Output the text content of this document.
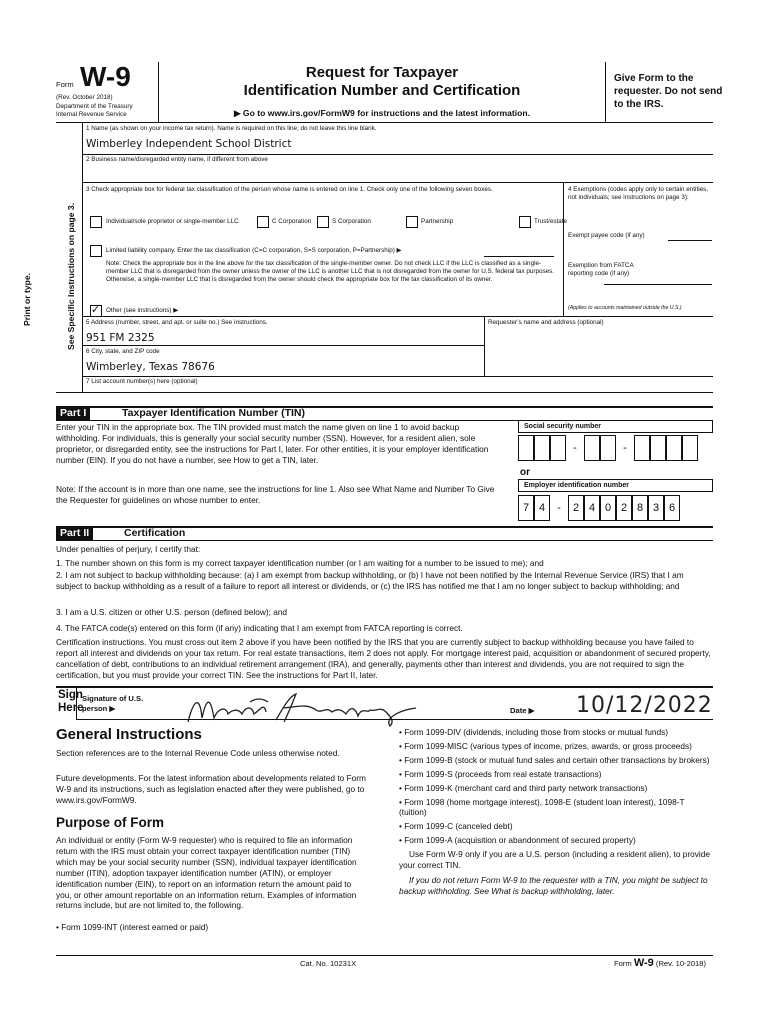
Form W-9
(Rev. October 2018)
Department of the Treasury
Internal Revenue Service
Request for Taxpayer
Identification Number and Certification
▶ Go to www.irs.gov/FormW9 for instructions and the latest information.
Give Form to the requester. Do not send to the IRS.
Print or type.	See Specific Instructions on page 3.
1 Name (as shown on your income tax return). Name is required on this line; do not leave this line blank.
Wimberley Independent School District
2 Business name/disregarded entity name, if different from above
3 Check appropriate box for federal tax classification of the person whose name is entered on line 1. Check only one of the following seven boxes.
Individual/sole proprietor or single-member LLC	C Corporation	S Corporation	Partnership	Trust/estate
Limited liability company. Enter the tax classification (C=C corporation, S=S corporation, P=Partnership) ▶
Note: Check the appropriate box in the line above for the tax classification of the single-member owner. Do not check LLC if the LLC is classified as a single-member LLC that is disregarded from the owner unless the owner of the LLC is another LLC that is not disregarded from the owner for U.S. federal tax purposes. Otherwise, a single-member LLC that is disregarded from the owner should check the appropriate box for the tax classification of its owner.
✓ Other (see instructions) ▶
4 Exemptions (codes apply only to certain entities, not individuals; see instructions on page 3):
Exempt payee code (if any)
Exemption from FATCA reporting code (if any)
(Applies to accounts maintained outside the U.S.)
5 Address (number, street, and apt. or suite no.) See instructions.
951 FM 2325
Requester’s name and address (optional)
6 City, state, and ZIP code
Wimberley, Texas 78676
7 List account number(s) here (optional)
Part I	Taxpayer Identification Number (TIN)
Enter your TIN in the appropriate box. The TIN provided must match the name given on line 1 to avoid backup withholding. For individuals, this is generally your social security number (SSN). However, for a resident alien, sole proprietor, or disregarded entity, see the instructions for Part I, later. For other entities, it is your employer identification number (EIN). If you do not have a number, see How to get a TIN, later.
Note: If the account is in more than one name, see the instructions for line 1. Also see What Name and Number To Give the Requester for guidelines on whose number to enter.
Social security number
-	-
or
Employer identification number
7 4	-	2 4 0 2 8 3 6
Part II	Certification
Under penalties of perjury, I certify that:
1. The number shown on this form is my correct taxpayer identification number (or I am waiting for a number to be issued to me); and
2. I am not subject to backup withholding because: (a) I am exempt from backup withholding, or (b) I have not been notified by the Internal Revenue Service (IRS) that I am subject to backup withholding as a result of a failure to report all interest or dividends, or (c) the IRS has notified me that I am no longer subject to backup withholding; and
3. I am a U.S. citizen or other U.S. person (defined below); and
4. The FATCA code(s) entered on this form (if any) indicating that I am exempt from FATCA reporting is correct.
Certification instructions. You must cross out item 2 above if you have been notified by the IRS that you are currently subject to backup withholding because you have failed to report all interest and dividends on your tax return. For real estate transactions, item 2 does not apply. For mortgage interest paid, acquisition or abandonment of secured property, cancellation of debt, contributions to an individual retirement arrangement (IRA), and generally, payments other than interest and dividends, you are not required to sign the certification, but you must provide your correct TIN. See the instructions for Part II, later.
Sign Here
Signature of U.S. person ▶	Date ▶ 10/12/2022
General Instructions
Section references are to the Internal Revenue Code unless otherwise noted.
Future developments. For the latest information about developments related to Form W-9 and its instructions, such as legislation enacted after they were published, go to www.irs.gov/FormW9.
Purpose of Form
An individual or entity (Form W-9 requester) who is required to file an information return with the IRS must obtain your correct taxpayer identification number (TIN) which may be your social security number (SSN), individual taxpayer identification number (ITIN), adoption taxpayer identification number (ATIN), or employer identification number (EIN), to report on an information return the amount paid to you, or other amount reportable on an information return. Examples of information returns include, but are not limited to, the following.
• Form 1099-INT (interest earned or paid)
• Form 1099-DIV (dividends, including those from stocks or mutual funds)
• Form 1099-MISC (various types of income, prizes, awards, or gross proceeds)
• Form 1099-B (stock or mutual fund sales and certain other transactions by brokers)
• Form 1099-S (proceeds from real estate transactions)
• Form 1099-K (merchant card and third party network transactions)
• Form 1098 (home mortgage interest), 1098-E (student loan interest), 1098-T (tuition)
• Form 1099-C (canceled debt)
• Form 1099-A (acquisition or abandonment of secured property)
Use Form W-9 only if you are a U.S. person (including a resident alien), to provide your correct TIN.
If you do not return Form W-9 to the requester with a TIN, you might be subject to backup withholding. See What is backup withholding, later.
Cat. No. 10231X	Form W-9 (Rev. 10-2018)
